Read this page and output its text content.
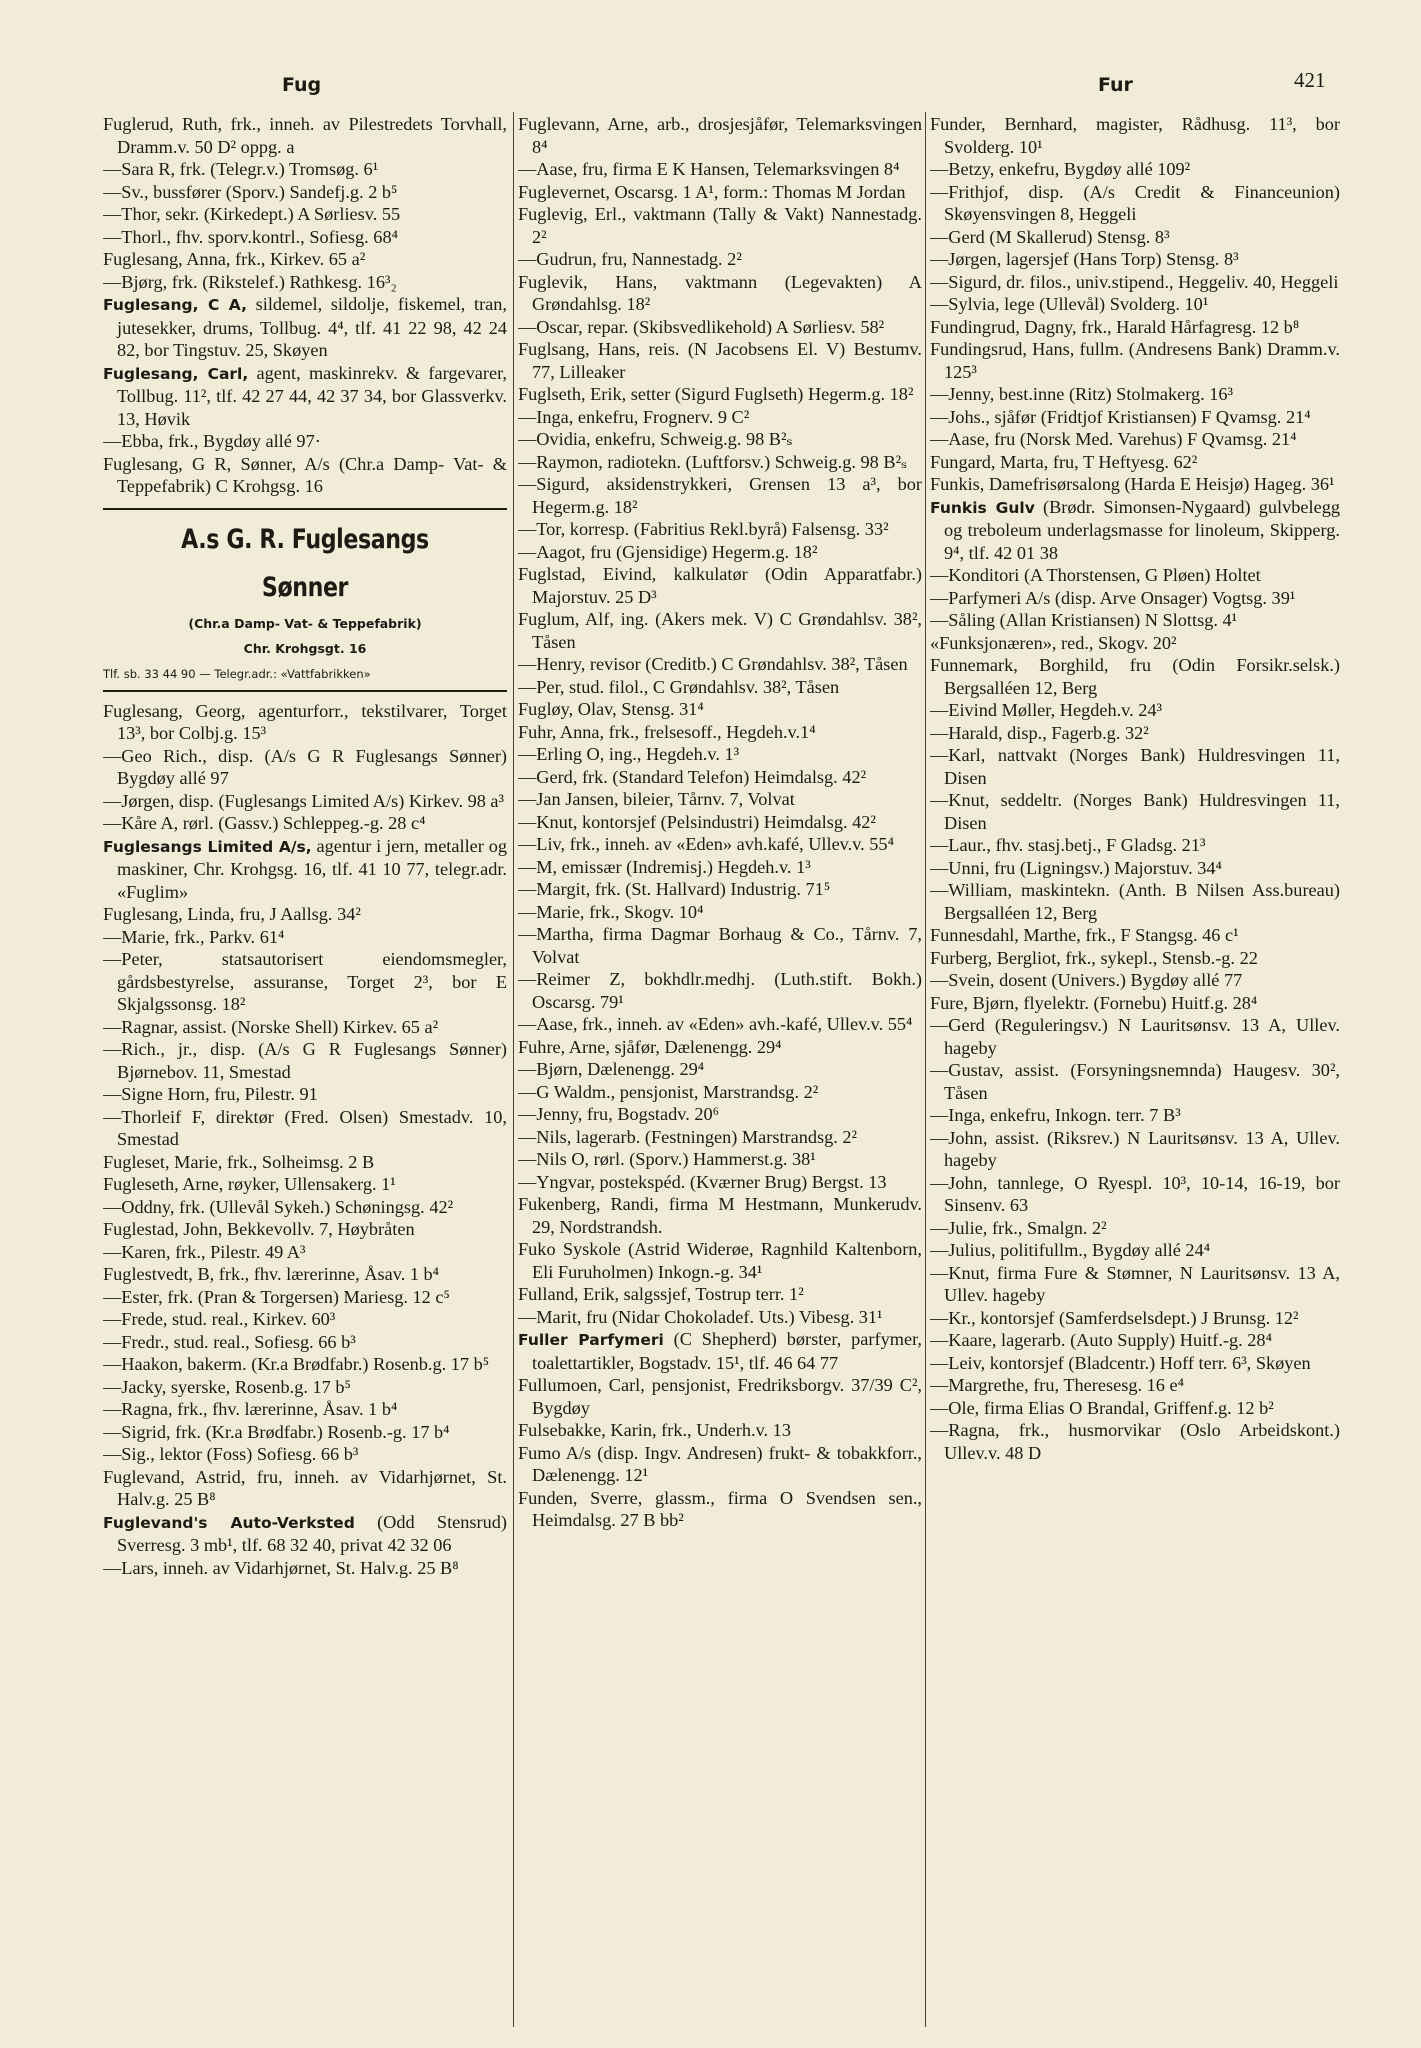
Fug	Fur	421
Fuglerud, Ruth, frk., inneh. av Pilestredets Torvhall, Dramm.v. 50 D² oppg. a
—Sara R, frk. (Telegr.v.) Tromsøg. 6¹
—Sv., bussfører (Sporv.) Sandefj.g. 2 b⁵
—Thor, sekr. (Kirkedept.) A Sørliesv. 55
—Thorl., fhv. sporv.kontrl., Sofiesg. 68⁴
Fuglesang, Anna, frk., Kirkev. 65 a²
—Bjørg, frk. (Rikstelef.) Rathkesg. 16³₂
Fuglesang, C A, sildemel, sildolje, fiskemel, tran, jutesekker, drums, Tollbug. 4⁴, tlf. 41 22 98, 42 24 82, bor Tingstuv. 25, Skøyen
Fuglesang, Carl, agent, maskinrekv. & fargevarer, Tollbug. 11², tlf. 42 27 44, 42 37 34, bor Glassverkv. 13, Høvik
—Ebba, frk., Bygdøy allé 97·
Fuglesang, G R, Sønner, A/s (Chr.a Damp- Vat- & Teppefabrik) C Krohgsg. 16
A.s G. R. Fuglesangs Sønner
(Chr.a Damp- Vat- & Teppefabrik)
Chr. Krohgsgt. 16
Tlf. sb. 33 44 90 — Telegr.adr.: «Vattfabrikken»
Fuglesang, Georg, agenturforr., tekstilvarer, Torget 13³, bor Colbj.g. 15³
—Geo Rich., disp. (A/s G R Fuglesangs Sønner) Bygdøy allé 97
—Jørgen, disp. (Fuglesangs Limited A/s) Kirkev. 98 a³
—Kåre A, rørl. (Gassv.) Schleppeg.-g. 28 c⁴
Fuglesangs Limited A/s, agentur i jern, metaller og maskiner, Chr. Krohgsg. 16, tlf. 41 10 77, telegr.adr. «Fuglim»
Fuglesang, Linda, fru, J Aallsg. 34²
—Marie, frk., Parkv. 61⁴
—Peter, statsautorisert eiendomsmegler, gårdsbestyrelse, assuranse, Torget 2³, bor E Skjalgssonsg. 18²
—Ragnar, assist. (Norske Shell) Kirkev. 65 a²
—Rich., jr., disp. (A/s G R Fuglesangs Sønner) Bjørnebov. 11, Smestad
—Signe Horn, fru, Pilestr. 91
—Thorleif F, direktør (Fred. Olsen) Smestadv. 10, Smestad
Fugleset, Marie, frk., Solheimsg. 2 B
Fugleseth, Arne, røyker, Ullensakerg. 1¹
—Oddny, frk. (Ullevål Sykeh.) Schøningsg. 42²
Fuglestad, John, Bekkevollv. 7, Høybråten
—Karen, frk., Pilestr. 49 A³
Fuglestvedt, B, frk., fhv. lærerinne, Åsav. 1 b⁴
—Ester, frk. (Pran & Torgersen) Mariesg. 12 c⁵
—Frede, stud. real., Kirkev. 60³
—Fredr., stud. real., Sofiesg. 66 b³
—Haakon, bakerm. (Kr.a Brødfabr.) Rosenb.g. 17 b⁵
—Jacky, syerske, Rosenb.g. 17 b⁵
—Ragna, frk., fhv. lærerinne, Åsav. 1 b⁴
—Sigrid, frk. (Kr.a Brødfabr.) Rosenb.-g. 17 b⁴
—Sig., lektor (Foss) Sofiesg. 66 b³
Fuglevand, Astrid, fru, inneh. av Vidarhjørnet, St. Halv.g. 25 B⁸
Fuglevand's Auto-Verksted (Odd Stensrud) Sverresg. 3 mb¹, tlf. 68 32 40, privat 42 32 06
—Lars, inneh. av Vidarhjørnet, St. Halv.g. 25 B⁸
Fuglevann, Arne, arb., drosjesjåfør, Telemarksvingen 8⁴
—Aase, fru, firma E K Hansen, Telemarksvingen 8⁴
Fuglevernet, Oscarsg. 1 A¹, form.: Thomas M Jordan
Fuglevig, Erl., vaktmann (Tally & Vakt) Nannestadg. 2²
—Gudrun, fru, Nannestadg. 2²
Fuglevik, Hans, vaktmann (Legevakten) A Grøndahlsg. 18²
—Oscar, repar. (Skibsvedlikehold) A Sørliesv. 58²
Fuglsang, Hans, reis. (N Jacobsens El. V) Bestumv. 77, Lilleaker
Fuglseth, Erik, setter (Sigurd Fuglseth) Hegerm.g. 18²
—Inga, enkefru, Frognerv. 9 C²
—Ovidia, enkefru, Schweig.g. 98 B²ₛ
—Raymon, radiotekn. (Luftforsv.) Schweig.g. 98 B²ₛ
—Sigurd, aksidenstrykkeri, Grensen 13 a³, bor Hegerm.g. 18²
—Tor, korresp. (Fabritius Rekl.byrå) Falsensg. 33²
—Aagot, fru (Gjensidige) Hegerm.g. 18²
Fuglstad, Eivind, kalkulatør (Odin Apparatfabr.) Majorstuv. 25 D³
Fuglum, Alf, ing. (Akers mek. V) C Grøndahlsv. 38², Tåsen
—Henry, revisor (Creditb.) C Grøndahlsv. 38², Tåsen
—Per, stud. filol., C Grøndahlsv. 38², Tåsen
Fugløy, Olav, Stensg. 31⁴
Fuhr, Anna, frk., frelsesoff., Hegdeh.v.1⁴
—Erling O, ing., Hegdeh.v. 1³
—Gerd, frk. (Standard Telefon) Heimdalsg. 42²
—Jan Jansen, bileier, Tårnv. 7, Volvat
—Knut, kontorsjef (Pelsindustri) Heimdalsg. 42²
—Liv, frk., inneh. av «Eden» avh.kafé, Ullev.v. 55⁴
—M, emissær (Indremisj.) Hegdeh.v. 1³
—Margit, frk. (St. Hallvard) Industrig. 71⁵
—Marie, frk., Skogv. 10⁴
—Martha, firma Dagmar Borhaug & Co., Tårnv. 7, Volvat
—Reimer Z, bokhdlr.medhj. (Luth.stift. Bokh.) Oscarsg. 79¹
—Aase, frk., inneh. av «Eden» avh.-kafé, Ullev.v. 55⁴
Fuhre, Arne, sjåfør, Dælenengg. 29⁴
—Bjørn, Dælenengg. 29⁴
—G Waldm., pensjonist, Marstrandsg. 2²
—Jenny, fru, Bogstadv. 20⁶
—Nils, lagerarb. (Festningen) Marstrandsg. 2²
—Nils O, rørl. (Sporv.) Hammerst.g. 38¹
—Yngvar, postekspéd. (Kværner Brug) Bergst. 13
Fukenberg, Randi, firma M Hestmann, Munkerudv. 29, Nordstrandsh.
Fuko Syskole (Astrid Widerøe, Ragnhild Kaltenborn, Eli Furuholmen) Inkogn.-g. 34¹
Fulland, Erik, salgssjef, Tostrup terr. 1²
—Marit, fru (Nidar Chokoladef. Uts.) Vibesg. 31¹
Fuller Parfymeri (C Shepherd) børster, parfymer, toalettartikler, Bogstadv. 15¹, tlf. 46 64 77
Fullumoen, Carl, pensjonist, Fredriksborgv. 37/39 C², Bygdøy
Fulsebakke, Karin, frk., Underh.v. 13
Fumo A/s (disp. Ingv. Andresen) frukt- & tobakkforr., Dælenengg. 12¹
Funden, Sverre, glassm., firma O Svendsen sen., Heimdalsg. 27 B bb²
Funder, Bernhard, magister, Rådhusg. 11³, bor Svolderg. 10¹
—Betzy, enkefru, Bygdøy allé 109²
—Frithjof, disp. (A/s Credit & Financeunion) Skøyensvingen 8, Heggeli
—Gerd (M Skallerud) Stensg. 8³
—Jørgen, lagersjef (Hans Torp) Stensg. 8³
—Sigurd, dr. filos., univ.stipend., Heggeliv. 40, Heggeli
—Sylvia, lege (Ullevål) Svolderg. 10¹
Fundingrud, Dagny, frk., Harald Hårfagresg. 12 b⁸
Fundingsrud, Hans, fullm. (Andresens Bank) Dramm.v. 125³
—Jenny, best.inne (Ritz) Stolmakerg. 16³
—Johs., sjåfør (Fridtjof Kristiansen) F Qvamsg. 21⁴
—Aase, fru (Norsk Med. Varehus) F Qvamsg. 21⁴
Fungard, Marta, fru, T Heftyesg. 62²
Funkis, Damefrisørsalong (Harda E Heisjø) Hageg. 36¹
Funkis Gulv (Brødr. Simonsen-Nygaard) gulvbelegg og treboleum underlagsmasse for linoleum, Skipperg. 9⁴, tlf. 42 01 38
—Konditori (A Thorstensen, G Pløen) Holtet
—Parfymeri A/s (disp. Arve Onsager) Vogtsg. 39¹
—Såling (Allan Kristiansen) N Slottsg. 4¹
«Funksjonæren», red., Skogv. 20²
Funnemark, Borghild, fru (Odin Forsikr.selsk.) Bergsalléen 12, Berg
—Eivind Møller, Hegdeh.v. 24³
—Harald, disp., Fagerb.g. 32²
—Karl, nattvakt (Norges Bank) Huldresvingen 11, Disen
—Knut, seddeltr. (Norges Bank) Huldresvingen 11, Disen
—Laur., fhv. stasj.betj., F Gladsg. 21³
—Unni, fru (Ligningsv.) Majorstuv. 34⁴
—William, maskintekn. (Anth. B Nilsen Ass.bureau) Bergsalléen 12, Berg
Funnesdahl, Marthe, frk., F Stangsg. 46 c¹
Furberg, Bergliot, frk., sykepl., Stensb.-g. 22
—Svein, dosent (Univers.) Bygdøy allé 77
Fure, Bjørn, flyelektr. (Fornebu) Huitf.g. 28⁴
—Gerd (Reguleringsv.) N Lauritsønsv. 13 A, Ullev. hageby
—Gustav, assist. (Forsyningsnemnda) Haugesv. 30², Tåsen
—Inga, enkefru, Inkogn. terr. 7 B³
—John, assist. (Riksrev.) N Lauritsønsv. 13 A, Ullev. hageby
—John, tannlege, O Ryespl. 10³, 10-14, 16-19, bor Sinsenv. 63
—Julie, frk., Smalgn. 2²
—Julius, politifullm., Bygdøy allé 24⁴
—Knut, firma Fure & Stømner, N Lauritsønsv. 13 A, Ullev. hageby
—Kr., kontorsjef (Samferdselsdept.) J Brunsg. 12²
—Kaare, lagerarb. (Auto Supply) Huitf.-g. 28⁴
—Leiv, kontorsjef (Bladcentr.) Hoff terr. 6³, Skøyen
—Margrethe, fru, Theresesg. 16 e⁴
—Ole, firma Elias O Brandal, Griffenf.g. 12 b²
—Ragna, frk., husmorvikar (Oslo Arbeidskont.) Ullev.v. 48 D
